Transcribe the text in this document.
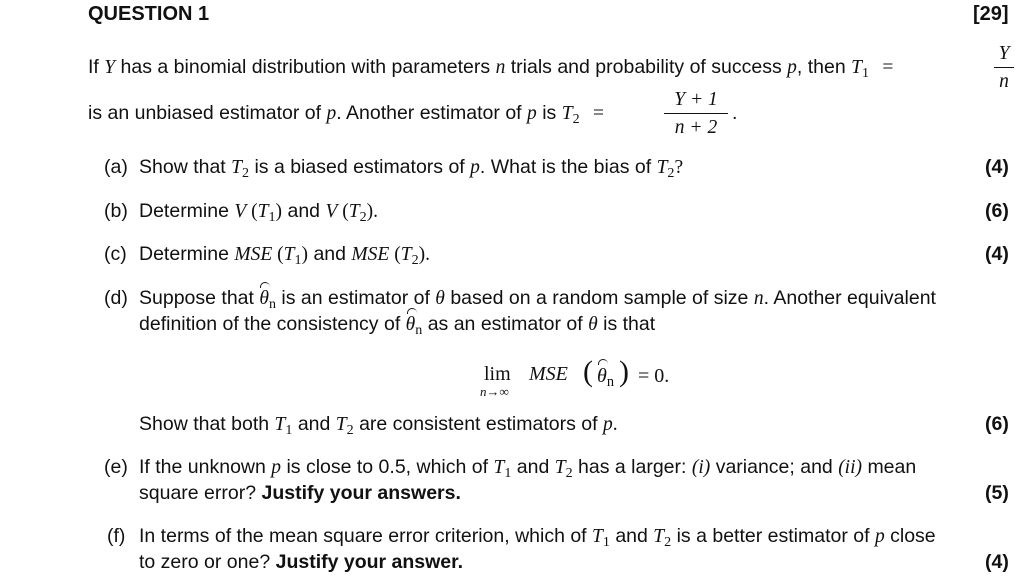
QUESTION 1	[29]
If Y has a binomial distribution with parameters n trials and probability of success p, then $T_1$ =
Y
n
is an unbiased estimator of p. Another estimator of p is $T_2$ =
Y + 1
n + 2
.
(a) Show that $T_2$ is a biased estimators of p. What is the bias of $T_2$?	(4)
(b) Determine V $(T_1)$ and V $(T_2)$.	(6)
(c) Determine MSE $(T_1)$ and MSE $(T_2)$.	(4)
(d) Suppose that $\theta_n$ is an estimator of θ based on a random sample of size n. Another equivalent
definition of the consistency of $\theta_n$ as an estimator of θ is that
lim
n→∞
MSE ( $\theta_n$ ) = 0.
Show that both $T_1$ and $T_2$ are consistent estimators of p.	(6)
(e) If the unknown p is close to 0.5, which of $T_1$ and $T_2$ has a larger: (i) variance; and (ii) mean
square error? Justify your answers.	(5)
(f) In terms of the mean square error criterion, which of $T_1$ and $T_2$ is a better estimator of p close
to zero or one? Justify your answer.	(4)
